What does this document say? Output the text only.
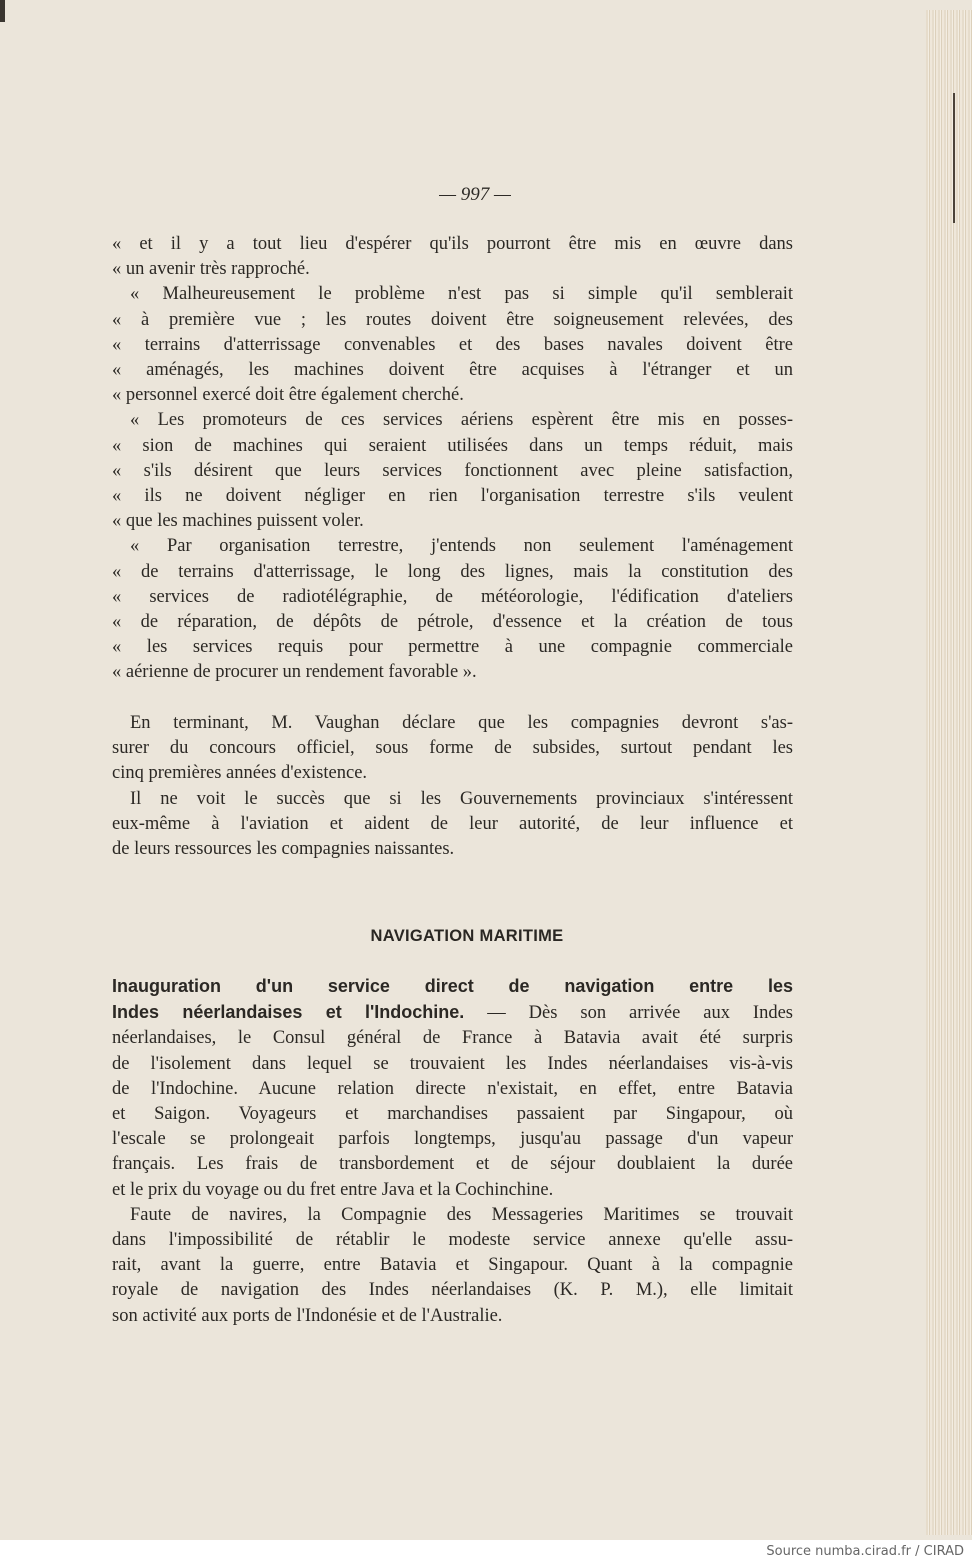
— 997 —
« et il y a tout lieu d'espérer qu'ils pourront être mis en œuvre dans
« un avenir très rapproché.
« Malheureusement le problème n'est pas si simple qu'il semblerait
« à première vue ; les routes doivent être soigneusement relevées, des
« terrains d'atterrissage convenables et des bases navales doivent être
« aménagés, les machines doivent être acquises à l'étranger et un
« personnel exercé doit être également cherché.
« Les promoteurs de ces services aériens espèrent être mis en posses-
« sion de machines qui seraient utilisées dans un temps réduit, mais
« s'ils désirent que leurs services fonctionnent avec pleine satisfaction,
« ils ne doivent négliger en rien l'organisation terrestre s'ils veulent
« que les machines puissent voler.
« Par organisation terrestre, j'entends non seulement l'aménagement
« de terrains d'atterrissage, le long des lignes, mais la constitution des
« services de radiotélégraphie, de météorologie, l'édification d'ateliers
« de réparation, de dépôts de pétrole, d'essence et la création de tous
« les services requis pour permettre à une compagnie commerciale
« aérienne de procurer un rendement favorable ».
En terminant, M. Vaughan déclare que les compagnies devront s'as-
surer du concours officiel, sous forme de subsides, surtout pendant les
cinq premières années d'existence.
Il ne voit le succès que si les Gouvernements provinciaux s'intéressent
eux-même à l'aviation et aident de leur autorité, de leur influence et
de leurs ressources les compagnies naissantes.
NAVIGATION MARITIME
Inauguration d'un service direct de navigation entre les
Indes néerlandaises et l'Indochine. — Dès son arrivée aux Indes
néerlandaises, le Consul général de France à Batavia avait été surpris
de l'isolement dans lequel se trouvaient les Indes néerlandaises vis-à-vis
de l'Indochine. Aucune relation directe n'existait, en effet, entre Batavia
et Saigon. Voyageurs et marchandises passaient par Singapour, où
l'escale se prolongeait parfois longtemps, jusqu'au passage d'un vapeur
français. Les frais de transbordement et de séjour doublaient la durée
et le prix du voyage ou du fret entre Java et la Cochinchine.
Faute de navires, la Compagnie des Messageries Maritimes se trouvait
dans l'impossibilité de rétablir le modeste service annexe qu'elle assu-
rait, avant la guerre, entre Batavia et Singapour. Quant à la compagnie
royale de navigation des Indes néerlandaises (K. P. M.), elle limitait
son activité aux ports de l'Indonésie et de l'Australie.
Source numba.cirad.fr / CIRAD
